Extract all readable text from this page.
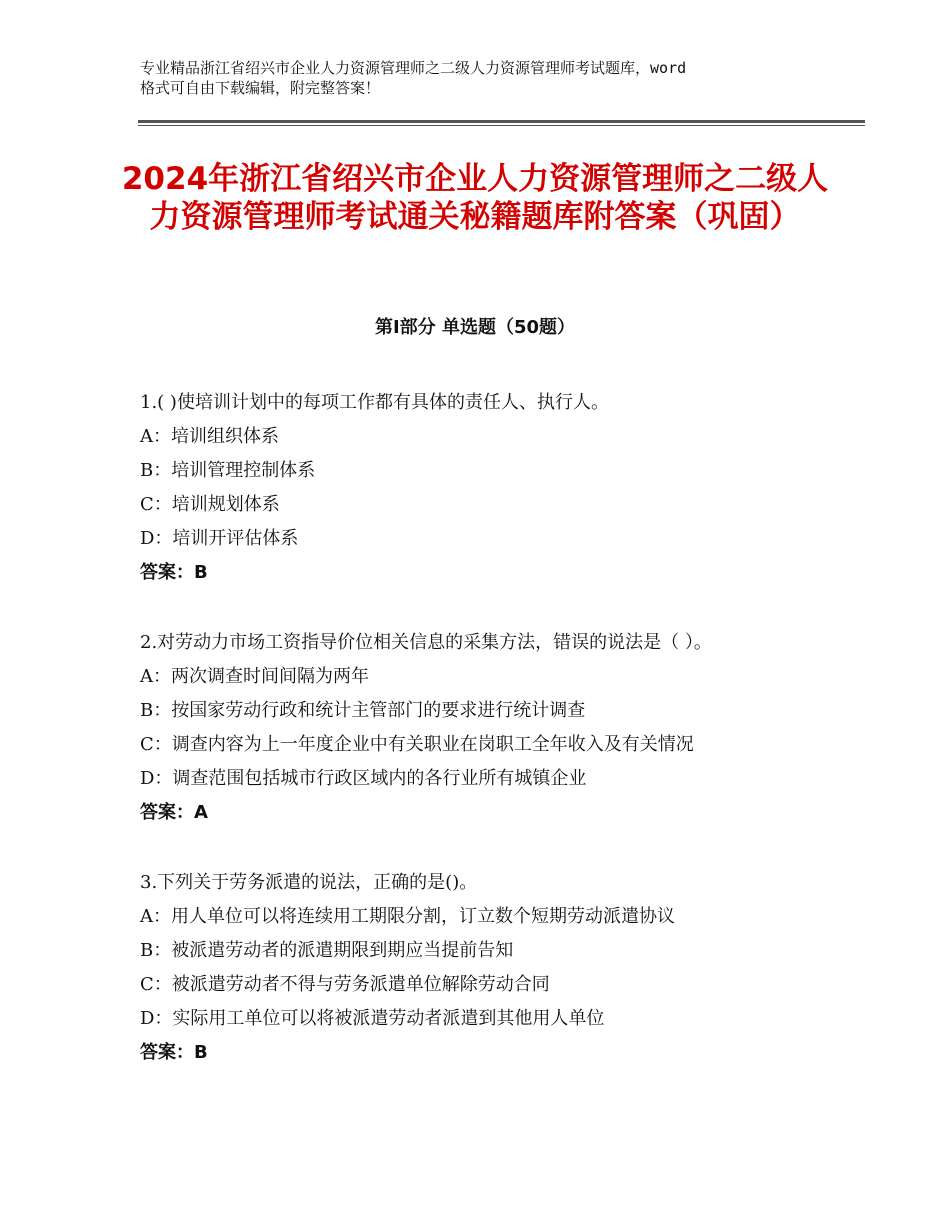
专业精品浙江省绍兴市企业人力资源管理师之二级人力资源管理师考试题库，word
格式可自由下载编辑，附完整答案！
2024年浙江省绍兴市企业人力资源管理师之二级人力资源管理师考试通关秘籍题库附答案（巩固）
第Ⅰ部分 单选题（50题）
1.( )使培训计划中的每项工作都有具体的责任人、执行人。
A：培训组织体系
B：培训管理控制体系
C：培训规划体系
D：培训开评估体系
答案：B
2.对劳动力市场工资指导价位相关信息的采集方法，错误的说法是（ ）。
A：两次调查时间间隔为两年
B：按国家劳动行政和统计主管部门的要求进行统计调查
C：调查内容为上一年度企业中有关职业在岗职工全年收入及有关情况
D：调查范围包括城市行政区域内的各行业所有城镇企业
答案：A
3.下列关于劳务派遣的说法，正确的是()。
A：用人单位可以将连续用工期限分割，订立数个短期劳动派遣协议
B：被派遣劳动者的派遣期限到期应当提前告知
C：被派遣劳动者不得与劳务派遣单位解除劳动合同
D：实际用工单位可以将被派遣劳动者派遣到其他用人单位
答案：B
